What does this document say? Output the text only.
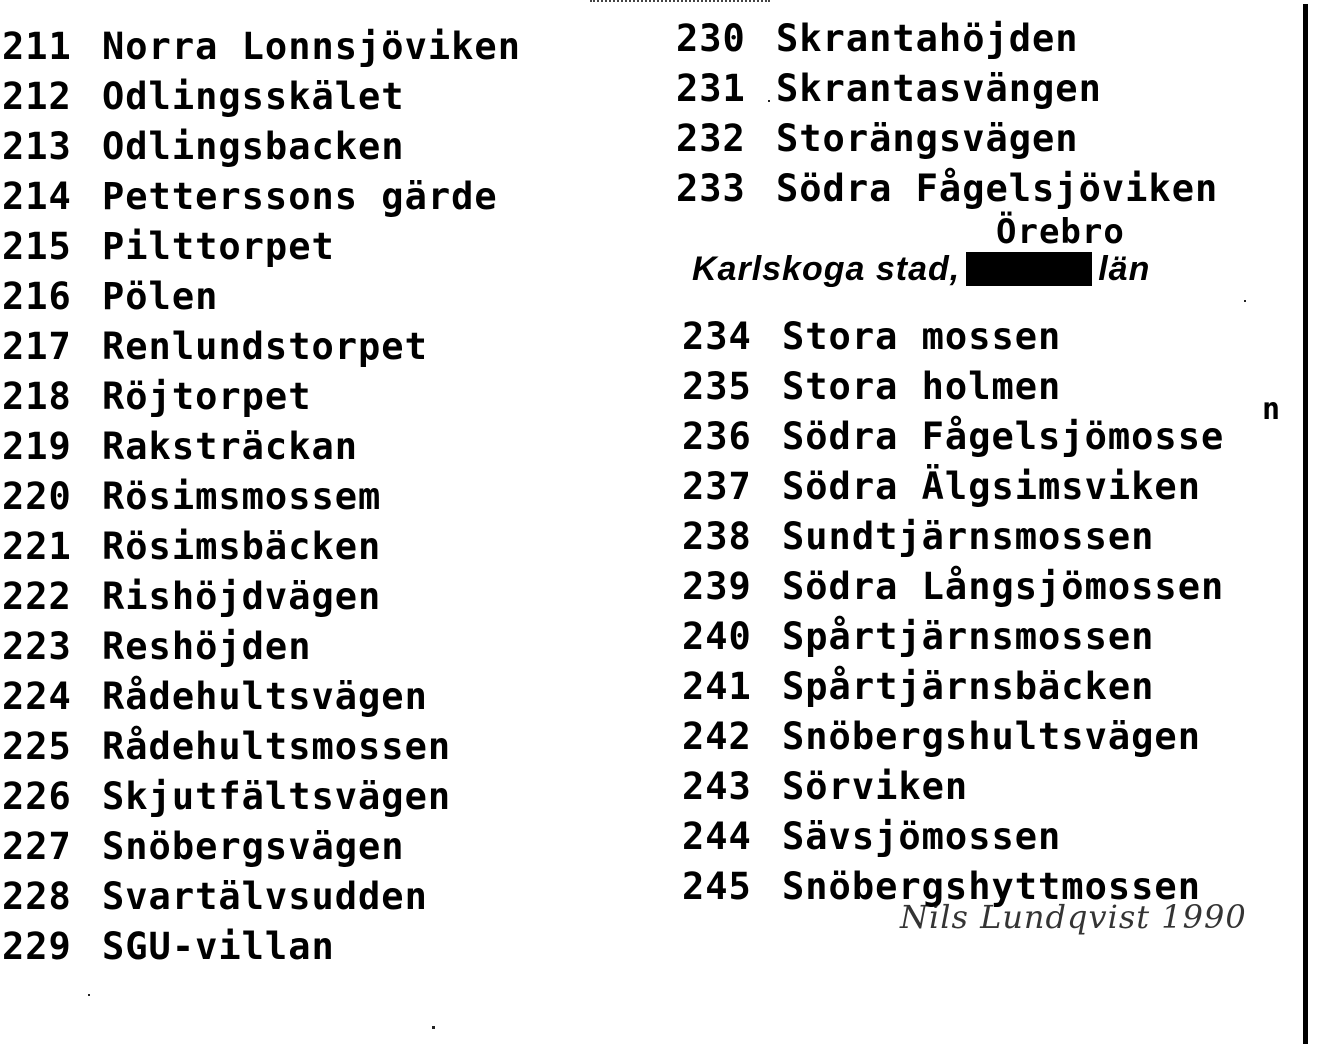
211 Norra Lonnsjöviken
212 Odlingsskälet
213 Odlingsbacken
214 Petterssons gärde
215 Pilttorpet
216 Pölen
217 Renlundstorpet
218 Röjtorpet
219 Raksträckan
220 Rösimsmossem
221 Rösimsbäcken
222 Rishöjdvägen
223 Reshöjden
224 Rådehultsvägen
225 Rådehultsmossen
226 Skjutfältsvägen
227 Snöbergsvägen
228 Svartälvsudden
229 SGU-villan
230 Skrantahöjden
231 Skrantasvängen
232 Storängsvägen
233 Södra Fågelsjöviken
Örebro
Karlskoga stad,	län
234 Stora mossen
235 Stora holmen
236 Södra Fågelsjömosse
237 Södra Älgsimsviken
238 Sundtjärnsmossen
239 Södra Långsjömossen
240 Spårtjärnsmossen
241 Spårtjärnsbäcken
242 Snöbergshultsvägen
243 Sörviken
244 Sävsjömossen
245 Snöbergshyttmossen
n
Nils Lundqvist 1990
